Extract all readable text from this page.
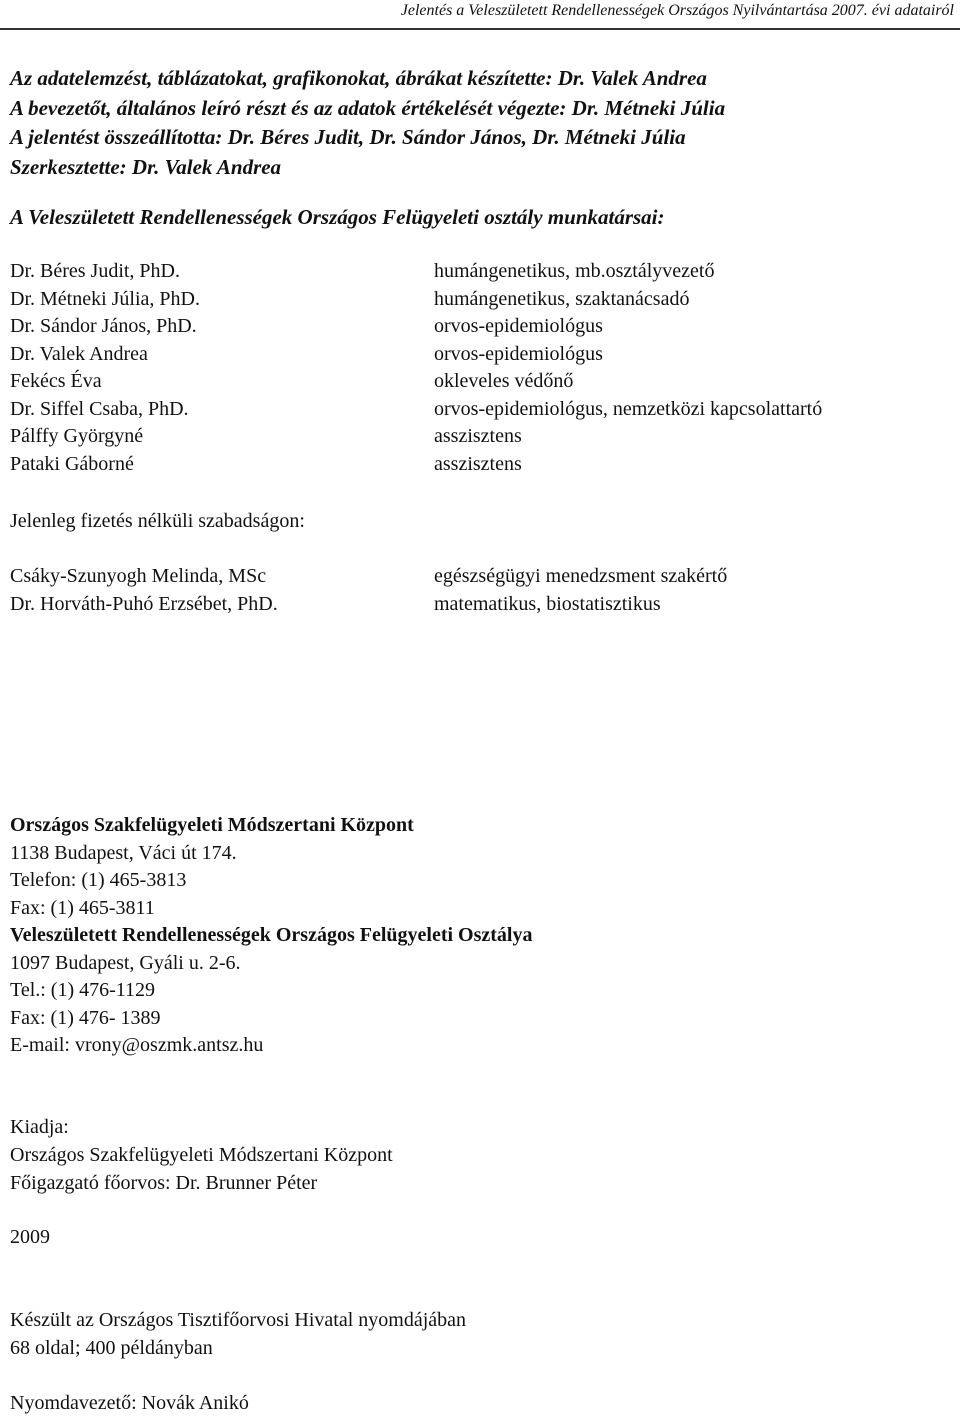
Jelentés a Veleszületett Rendellenességek Országos Nyilvántartása 2007. évi adatairól
Az adatelemzést, táblázatokat, grafikonokat, ábrákat készítette: Dr. Valek Andrea
A bevezetőt, általános leíró részt és az adatok értékelését végezte: Dr. Métneki Júlia
A jelentést összeállította: Dr. Béres Judit, Dr. Sándor János, Dr. Métneki Júlia
Szerkesztette: Dr. Valek Andrea
A Veleszületett Rendellenességek Országos Felügyeleti osztály munkatársai:
Dr. Béres Judit, PhD.	humángenetikus, mb.osztályvezető
Dr. Métneki Júlia, PhD.	humángenetikus, szaktanácsadó
Dr. Sándor János, PhD.	orvos-epidemiológus
Dr. Valek Andrea	orvos-epidemiológus
Fekécs Éva	okleveles védőnő
Dr. Siffel Csaba, PhD.	orvos-epidemiológus, nemzetközi kapcsolattartó
Pálffy Györgyné	asszisztens
Pataki Gáborné	asszisztens
Jelenleg fizetés nélküli szabadságon:
Csáky-Szunyogh Melinda, MSc	egészségügyi menedzsment szakértő
Dr. Horváth-Puhó Erzsébet, PhD.	matematikus, biostatisztikus
Országos Szakfelügyeleti Módszertani Központ
1138 Budapest, Váci út 174.
Telefon: (1) 465-3813
Fax: (1) 465-3811
Veleszületett Rendellenességek Országos Felügyeleti Osztálya
1097 Budapest, Gyáli u. 2-6.
Tel.: (1) 476-1129
Fax: (1) 476- 1389
E-mail: vrony@oszmk.antsz.hu
Kiadja:
Országos Szakfelügyeleti Módszertani Központ
Főigazgató főorvos: Dr. Brunner Péter
2009
Készült az Országos Tisztifőorvosi Hivatal nyomdájában
68 oldal; 400 példányban
Nyomdavezető: Novák Anikó
